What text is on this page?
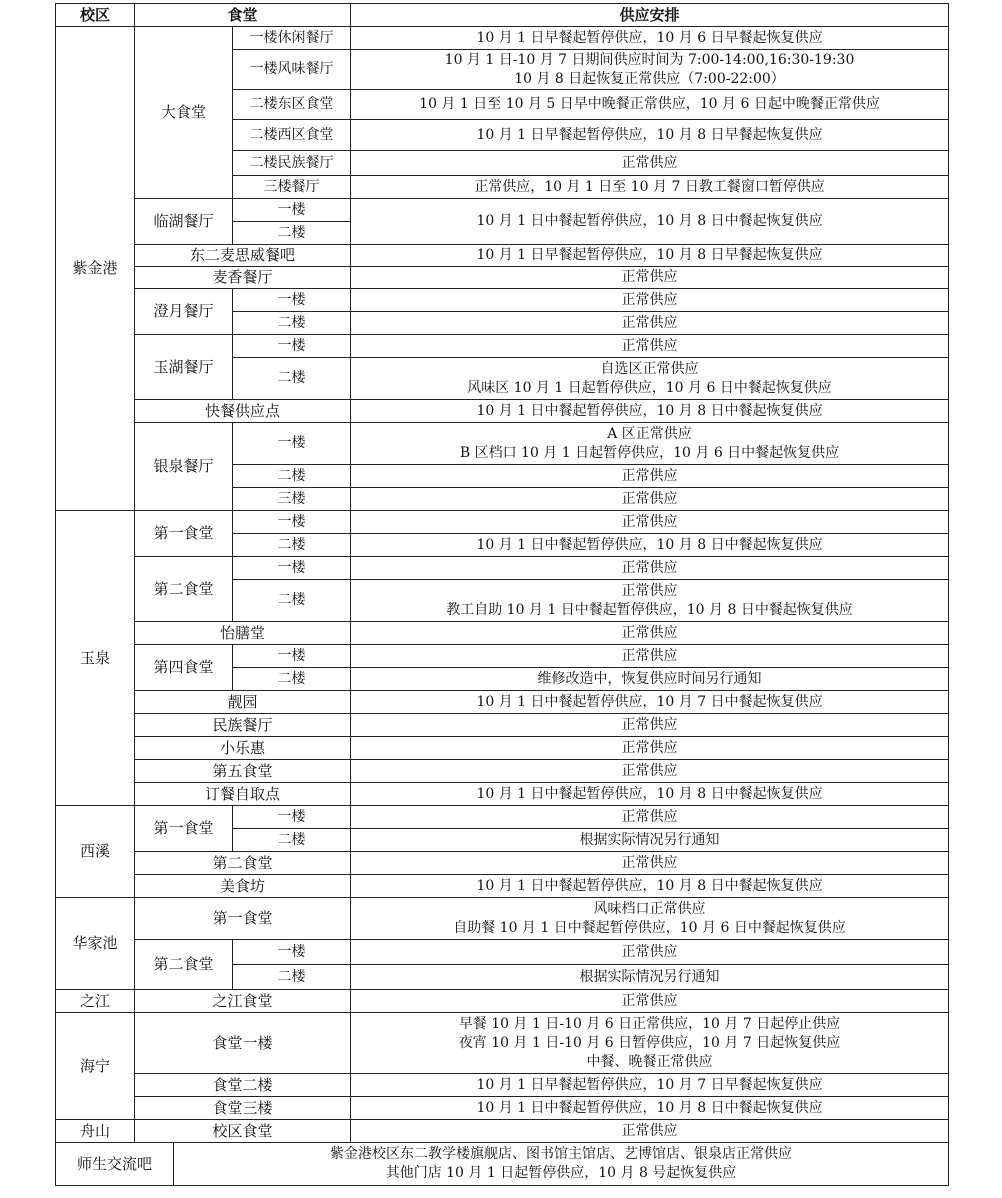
校区	食堂		供应安排
紫金港	大食堂	一楼休闲餐厅	10 月 1 日早餐起暂停供应，10 月 6 日早餐起恢复供应

		一楼风味餐厅	10 月 1 日-10 月 7 日期间供应时间为 7:00-14:00,16:30-19:30
10 月 8 日起恢复正常供应（7:00-22:00）

		二楼东区食堂	10 月 1 日至 10 月 5 日早中晚餐正常供应，10 月 6 日起中晚餐正常供应

		二楼西区食堂	10 月 1 日早餐起暂停供应，10 月 8 日早餐起恢复供应

		二楼民族餐厅	正常供应

		三楼餐厅	正常供应，10 月 1 日至 10 月 7 日教工餐窗口暂停供应

	临湖餐厅	一楼	10 月 1 日中餐起暂停供应，10 月 8 日中餐起恢复供应

		二楼	
	东二麦思威餐吧		10 月 1 日早餐起暂停供应，10 月 8 日早餐起恢复供应

	麦香餐厅		正常供应

	澄月餐厅	一楼	正常供应

		二楼	正常供应

	玉湖餐厅	一楼	正常供应

		二楼	自选区正常供应
风味区 10 月 1 日起暂停供应，10 月 6 日中餐起恢复供应

	快餐供应点		10 月 1 日中餐起暂停供应，10 月 8 日中餐起恢复供应

	银泉餐厅	一楼	A 区正常供应
B 区档口 10 月 1 日起暂停供应，10 月 6 日中餐起恢复供应

		二楼	正常供应

		三楼	正常供应

玉泉	第一食堂	一楼	正常供应

		二楼	10 月 1 日中餐起暂停供应，10 月 8 日中餐起恢复供应

	第二食堂	一楼	正常供应

		二楼	正常供应
教工自助 10 月 1 日中餐起暂停供应，10 月 8 日中餐起恢复供应

	怡膳堂		正常供应

	第四食堂	一楼	正常供应

		二楼	维修改造中，恢复供应时间另行通知

	靓园		10 月 1 日中餐起暂停供应，10 月 7 日中餐起恢复供应

	民族餐厅		正常供应

	小乐惠		正常供应

	第五食堂		正常供应

	订餐自取点		10 月 1 日中餐起暂停供应，10 月 8 日中餐起恢复供应

西溪	第一食堂	一楼	正常供应

		二楼	根据实际情况另行通知

	第二食堂		正常供应

	美食坊		10 月 1 日中餐起暂停供应，10 月 8 日中餐起恢复供应

华家池	第一食堂		风味档口正常供应
自助餐 10 月 1 日中餐起暂停供应，10 月 6 日中餐起恢复供应

	第二食堂	一楼	正常供应

		二楼	根据实际情况另行通知

之江	之江食堂		正常供应

海宁	食堂一楼		早餐 10 月 1 日-10 月 6 日正常供应，10 月 7 日起停止供应
夜宵 10 月 1 日-10 月 6 日暂停供应，10 月 7 日起恢复供应
中餐、晚餐正常供应

	食堂二楼		10 月 1 日早餐起暂停供应，10 月 7 日早餐起恢复供应

	食堂三楼		10 月 1 日中餐起暂停供应，10 月 8 日中餐起恢复供应

舟山	校区食堂		正常供应

师生交流吧
紫金港校区东二教学楼旗舰店、图书馆主馆店、艺博馆店、银泉店正常供应
其他门店 10 月 1 日起暂停供应，10 月 8 号起恢复供应			
